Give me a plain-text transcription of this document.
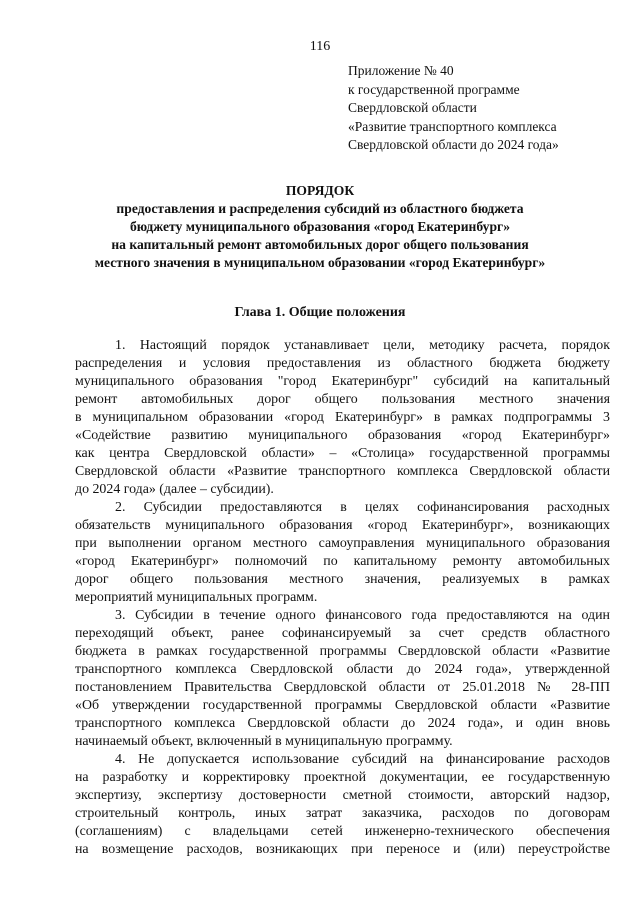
116
Приложение № 40
к государственной программе
Свердловской области
«Развитие транспортного комплекса
Свердловской области до 2024 года»
ПОРЯДОК
предоставления и распределения субсидий из областного бюджета
бюджету муниципального образования «город Екатеринбург»
на капитальный ремонт автомобильных дорог общего пользования
местного значения в муниципальном образовании «город Екатеринбург»
Глава 1. Общие положения
1. Настоящий порядок устанавливает цели, методику расчета, порядок
распределения и условия предоставления из областного бюджета бюджету
муниципального образования "город Екатеринбург" субсидий на капитальный
ремонт автомобильных дорог общего пользования местного значения
в муниципальном образовании «город Екатеринбург» в рамках подпрограммы 3
«Содействие развитию муниципального образования «город Екатеринбург»
как центра Свердловской области» – «Столица» государственной программы
Свердловской области «Развитие транспортного комплекса Свердловской области
до 2024 года» (далее – субсидии).
2. Субсидии предоставляются в целях софинансирования расходных
обязательств муниципального образования «город Екатеринбург», возникающих
при выполнении органом местного самоуправления муниципального образования
«город Екатеринбург» полномочий по капитальному ремонту автомобильных
дорог общего пользования местного значения, реализуемых в рамках
мероприятий муниципальных программ.
3. Субсидии в течение одного финансового года предоставляются на один
переходящий объект, ранее софинансируемый за счет средств областного
бюджета в рамках государственной программы Свердловской области «Развитие
транспортного комплекса Свердловской области до 2024 года», утвержденной
постановлением Правительства Свердловской области от 25.01.2018 № 28-ПП
«Об утверждении государственной программы Свердловской области «Развитие
транспортного комплекса Свердловской области до 2024 года», и один вновь
начинаемый объект, включенный в муниципальную программу.
4. Не допускается использование субсидий на финансирование расходов
на разработку и корректировку проектной документации, ее государственную
экспертизу, экспертизу достоверности сметной стоимости, авторский надзор,
строительный контроль, иных затрат заказчика, расходов по договорам
(соглашениям) с владельцами сетей инженерно-технического обеспечения
на возмещение расходов, возникающих при переносе и (или) переустройстве
